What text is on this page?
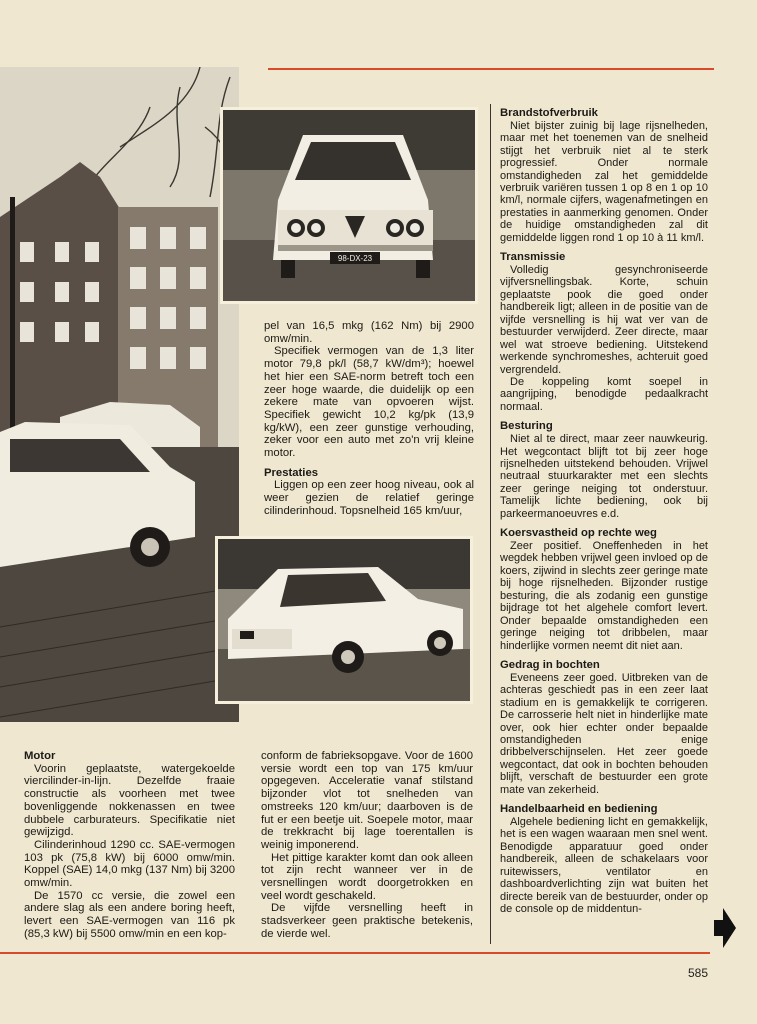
98-DX-23
Motor

Voorin geplaatste, watergekoelde viercilinder-in-lijn. Dezelfde fraaie constructie als voorheen met twee bovenliggende nokkenassen en twee dubbele carburateurs. Specifikatie niet gewijzigd.

Cilinderinhoud 1290 cc. SAE-vermogen 103 pk (75,8 kW) bij 6000 omw/min. Koppel (SAE) 14,0 mkg (137 Nm) bij 3200 omw/min.

De 1570 cc versie, die zowel een andere slag als een andere boring heeft, levert een SAE-vermogen van 116 pk (85,3 kW) bij 5500 omw/min en een kop-

pel van 16,5 mkg (162 Nm) bij 2900 omw/min.

Specifiek vermogen van de 1,3 liter motor 79,8 pk/l (58,7 kW/dm³); hoewel het hier een SAE-norm betreft toch een zeer hoge waarde, die duidelijk op een zekere mate van opvoeren wijst. Specifiek gewicht 10,2 kg/pk (13,9 kg/kW), een zeer gunstige verhouding, zeker voor een auto met zo'n vrij kleine motor.

Prestaties

Liggen op een zeer hoog niveau, ook al weer gezien de relatief geringe cilinderinhoud. Topsnelheid 165 km/uur,

conform de fabrieksopgave. Voor de 1600 versie wordt een top van 175 km/uur opgegeven. Acceleratie vanaf stilstand bijzonder vlot tot snelheden van omstreeks 120 km/uur; daarboven is de fut er een beetje uit. Soepele motor, maar de trekkracht bij lage toerentallen is weinig imponerend.

Het pittige karakter komt dan ook alleen tot zijn recht wanneer ver in de versnellingen wordt doorgetrokken en veel wordt geschakeld.

De vijfde versnelling heeft in stadsverkeer geen praktische betekenis, de vierde wel.

Brandstofverbruik

Niet bijster zuinig bij lage rijsnelheden, maar met het toenemen van de snelheid stijgt het verbruik niet al te sterk progressief. Onder normale omstandigheden zal het gemiddelde verbruik variëren tussen 1 op 8 en 1 op 10 km/l, normale cijfers, wagenafmetingen en prestaties in aanmerking genomen. Onder de huidige omstandigheden zal dit gemiddelde liggen rond 1 op 10 à 11 km/l.

Transmissie

Volledig gesynchroniseerde vijfversnellingsbak. Korte, schuin geplaatste pook die goed onder handbereik ligt; alleen in de positie van de vijfde versnelling is hij wat ver van de bestuurder verwijderd. Zeer directe, maar wel wat stroeve bediening. Uitstekend werkende synchromeshes, achteruit goed vergrendeld.

De koppeling komt soepel in aangrijping, benodigde pedaalkracht normaal.

Besturing

Niet al te direct, maar zeer nauwkeurig. Het wegcontact blijft tot bij zeer hoge rijsnelheden uitstekend behouden. Vrijwel neutraal stuurkarakter met een slechts zeer geringe neiging tot onderstuur. Tamelijk lichte bediening, ook bij parkeermanoeuvres e.d.

Koersvastheid op rechte weg

Zeer positief. Oneffenheden in het wegdek hebben vrijwel geen invloed op de koers, zijwind in slechts zeer geringe mate bij hoge rijsnelheden. Bijzonder rustige besturing, die als zodanig een gunstige bijdrage tot het algehele comfort levert. Onder bepaalde omstandigheden een geringe neiging tot dribbelen, maar hinderlijke vormen neemt dit niet aan.

Gedrag in bochten

Eveneens zeer goed. Uitbreken van de achteras geschiedt pas in een zeer laat stadium en is gemakkelijk te corrigeren. De carrosserie helt niet in hinderlijke mate over, ook hier echter onder bepaalde omstandigheden enige dribbelverschijnselen. Het zeer goede wegcontact, dat ook in bochten behouden blijft, verschaft de bestuurder een grote mate van zekerheid.

Handelbaarheid en bediening

Algehele bediening licht en gemakkelijk, het is een wagen waaraan men snel went. Benodigde apparatuur goed onder handbereik, alleen de schakelaars voor ruitewissers, ventilator en dashboardverlichting zijn wat buiten het directe bereik van de bestuurder, onder op de console op de middentun-

585
